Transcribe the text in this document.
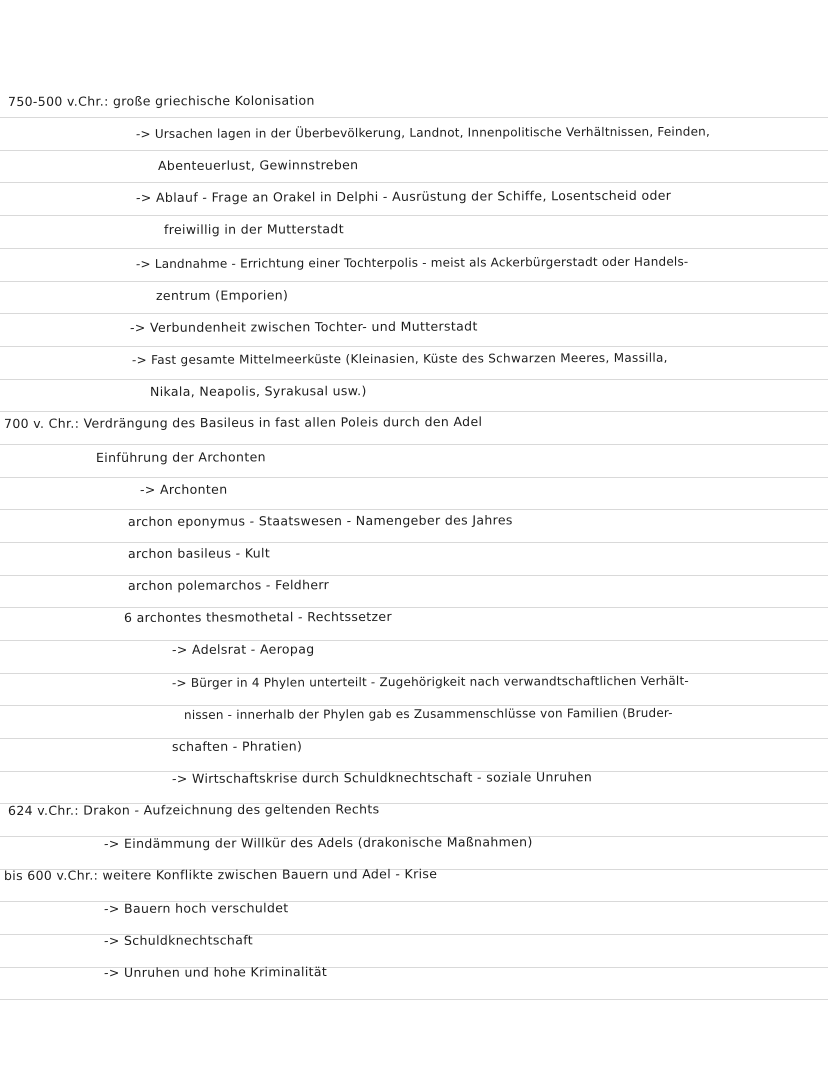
750-500 v.Chr.: große griechische Kolonisation
-> Ursachen lagen in der Überbevölkerung, Landnot, Innenpolitische Verhältnissen, Feinden,
Abenteuerlust, Gewinnstreben
-> Ablauf - Frage an Orakel in Delphi - Ausrüstung der Schiffe, Losentscheid oder
freiwillig in der Mutterstadt
-> Landnahme - Errichtung einer Tochterpolis - meist als Ackerbürgerstadt oder Handels-
zentrum (Emporien)
-> Verbundenheit zwischen Tochter- und Mutterstadt
-> Fast gesamte Mittelmeerküste (Kleinasien, Küste des Schwarzen Meeres, Massilla,
Nikala, Neapolis, Syrakusal usw.)
700 v. Chr.: Verdrängung des Basileus in fast allen Poleis durch den Adel
Einführung der Archonten
-> Archonten
archon eponymus - Staatswesen - Namengeber des Jahres
archon basileus - Kult
archon polemarchos - Feldherr
6 archontes thesmothetal - Rechtssetzer
-> Adelsrat - Aeropag
-> Bürger in 4 Phylen unterteilt - Zugehörigkeit nach verwandtschaftlichen Verhält-
nissen - innerhalb der Phylen gab es Zusammenschlüsse von Familien (Bruder-
schaften - Phratien)
-> Wirtschaftskrise durch Schuldknechtschaft - soziale Unruhen
624 v.Chr.: Drakon - Aufzeichnung des geltenden Rechts
-> Eindämmung der Willkür des Adels (drakonische Maßnahmen)
bis 600 v.Chr.: weitere Konflikte zwischen Bauern und Adel - Krise
-> Bauern hoch verschuldet
-> Schuldknechtschaft
-> Unruhen und hohe Kriminalität
